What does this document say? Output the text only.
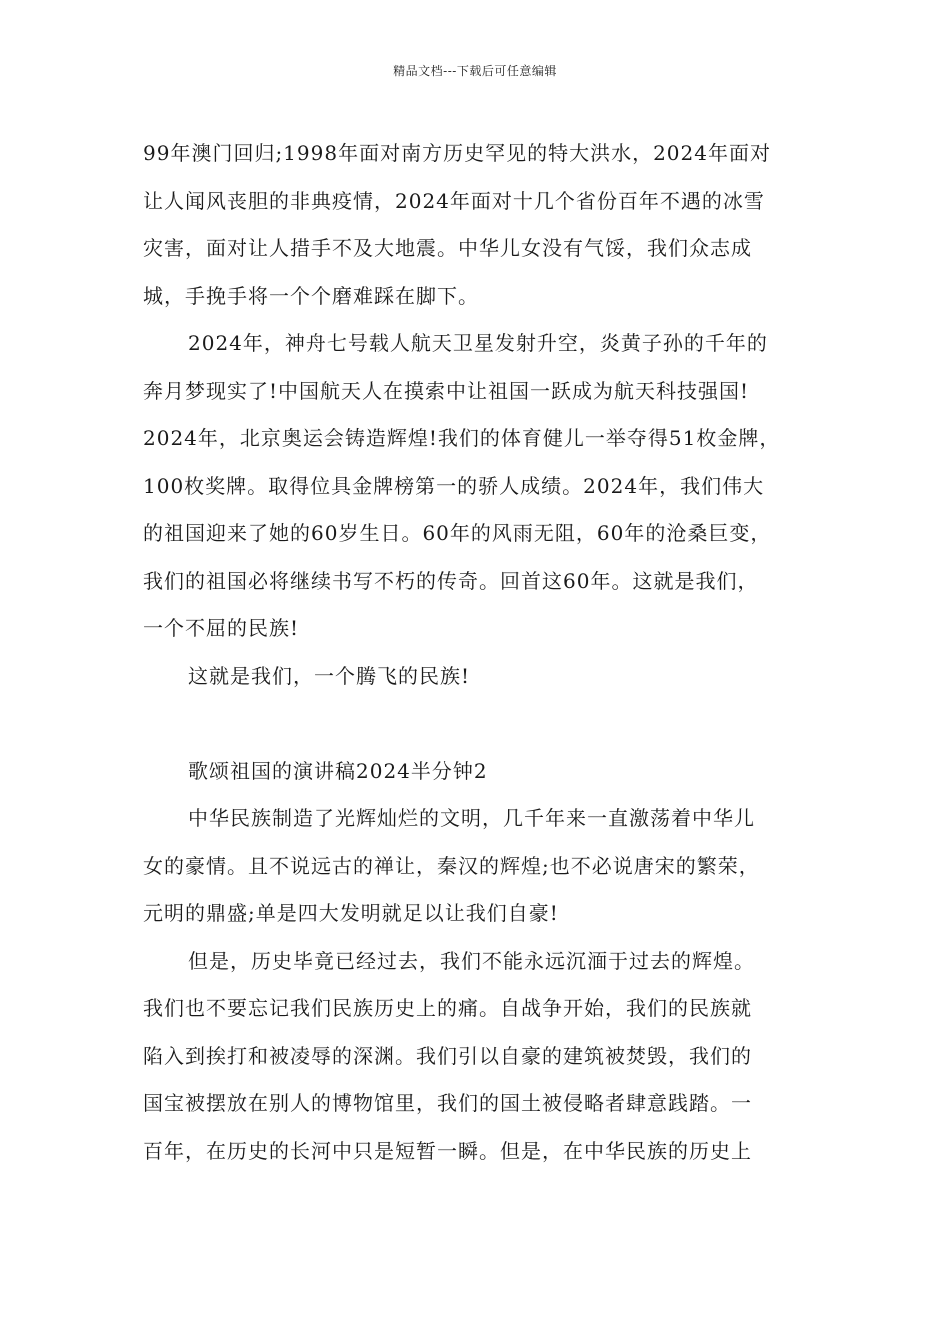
精品文档---下载后可任意编辑
99年澳门回归;1998年面对南方历史罕见的特大洪水，2024年面对
让人闻风丧胆的非典疫情，2024年面对十几个省份百年不遇的冰雪
灾害，面对让人措手不及大地震。中华儿女没有气馁，我们众志成
城，手挽手将一个个磨难踩在脚下。
2024年，神舟七号载人航天卫星发射升空，炎黄子孙的千年的
奔月梦现实了!中国航天人在摸索中让祖国一跃成为航天科技强国!
2024年，北京奥运会铸造辉煌!我们的体育健儿一举夺得51枚金牌，
100枚奖牌。取得位具金牌榜第一的骄人成绩。2024年，我们伟大
的祖国迎来了她的60岁生日。60年的风雨无阻，60年的沧桑巨变，
我们的祖国必将继续书写不朽的传奇。回首这60年。这就是我们，
一个不屈的民族!
这就是我们，一个腾飞的民族!
歌颂祖国的演讲稿2024半分钟2
中华民族制造了光辉灿烂的文明，几千年来一直激荡着中华儿
女的豪情。且不说远古的禅让，秦汉的辉煌;也不必说唐宋的繁荣，
元明的鼎盛;单是四大发明就足以让我们自豪!
但是，历史毕竟已经过去，我们不能永远沉湎于过去的辉煌。
我们也不要忘记我们民族历史上的痛。自战争开始，我们的民族就
陷入到挨打和被凌辱的深渊。我们引以自豪的建筑被焚毁，我们的
国宝被摆放在别人的博物馆里，我们的国土被侵略者肆意践踏。一
百年，在历史的长河中只是短暂一瞬。但是，在中华民族的历史上
